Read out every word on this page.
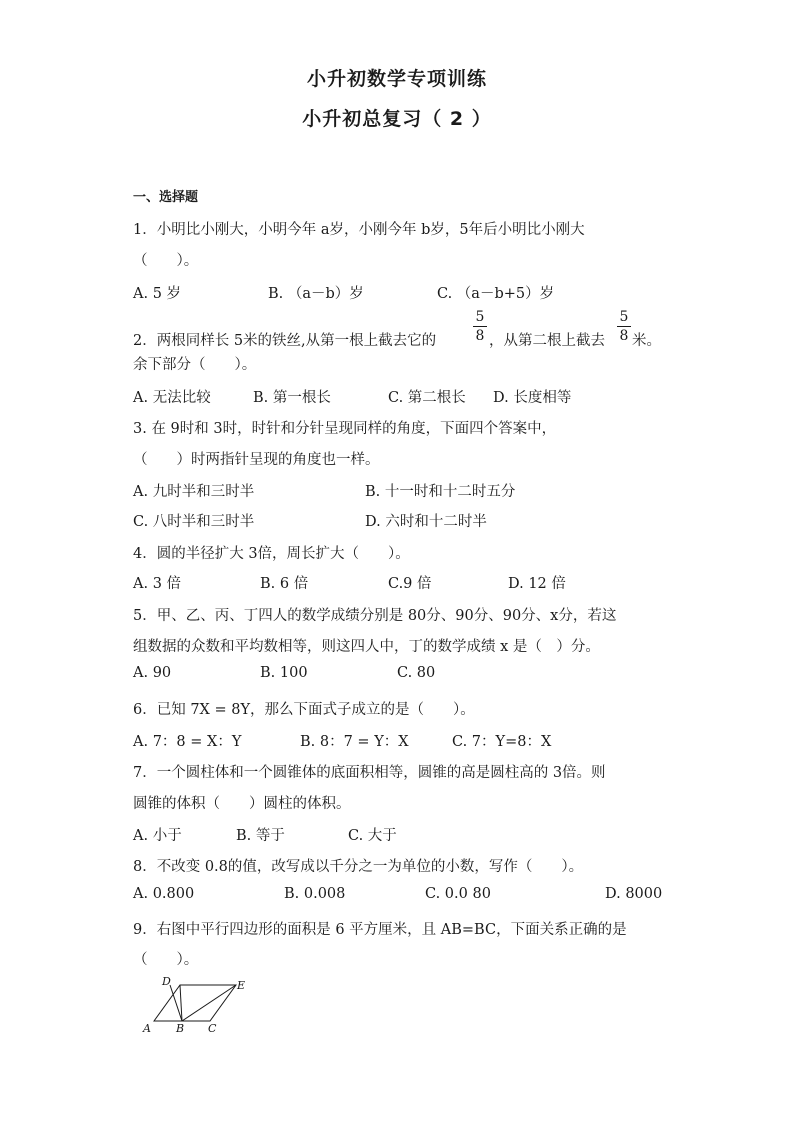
小升初数学专项训练
小升初总复习（ 2 ）
一、选择题
1．小明比小刚大，小明今年 a岁，小刚今年 b岁，5年后小明比小刚大
（　　）。
A. 5 岁	B. （a－b）岁	C. （a－b+5）岁
2．两根同样长 5米的铁丝,从第一根上截去它的
5
8 ，从第二根上截去
5
8 米。
余下部分（　　）。
A. 无法比较	B. 第一根长	C. 第二根长 D. 长度相等
3. 在 9时和 3时，时针和分针呈现同样的角度，下面四个答案中，
（　　）时两指针呈现的角度也一样。
A. 九时半和三时半	B. 十一时和十二时五分
C. 八时半和三时半	D. 六时和十二时半
4．圆的半径扩大 3倍，周长扩大（　　）。
A. 3 倍	B. 6 倍	C.9 倍	D. 12 倍
5．甲、乙、丙、丁四人的数学成绩分别是 80分、90分、90分、x分，若这
组数据的众数和平均数相等，则这四人中，丁的数学成绩 x 是（　）分。
A. 90	B. 100	C. 80
6．已知 7X = 8Y，那么下面式子成立的是（　　）。
A. 7：8 = X：Y	B. 8：7 = Y：X	C. 7：Y=8：X
7．一个圆柱体和一个圆锥体的底面积相等，圆锥的高是圆柱高的 3倍。则
圆锥的体积（　　）圆柱的体积。
A. 小于	B. 等于	C. 大于
8．不改变 0.8的值，改写成以千分之一为单位的小数，写作（　　）。
A. 0.800	B. 0.008	C. 0.0 80	D. 8000
9．右图中平行四边形的面积是 6 平方厘米，且 AB=BC，下面关系正确的是
（　　）。
A B C
D	E
